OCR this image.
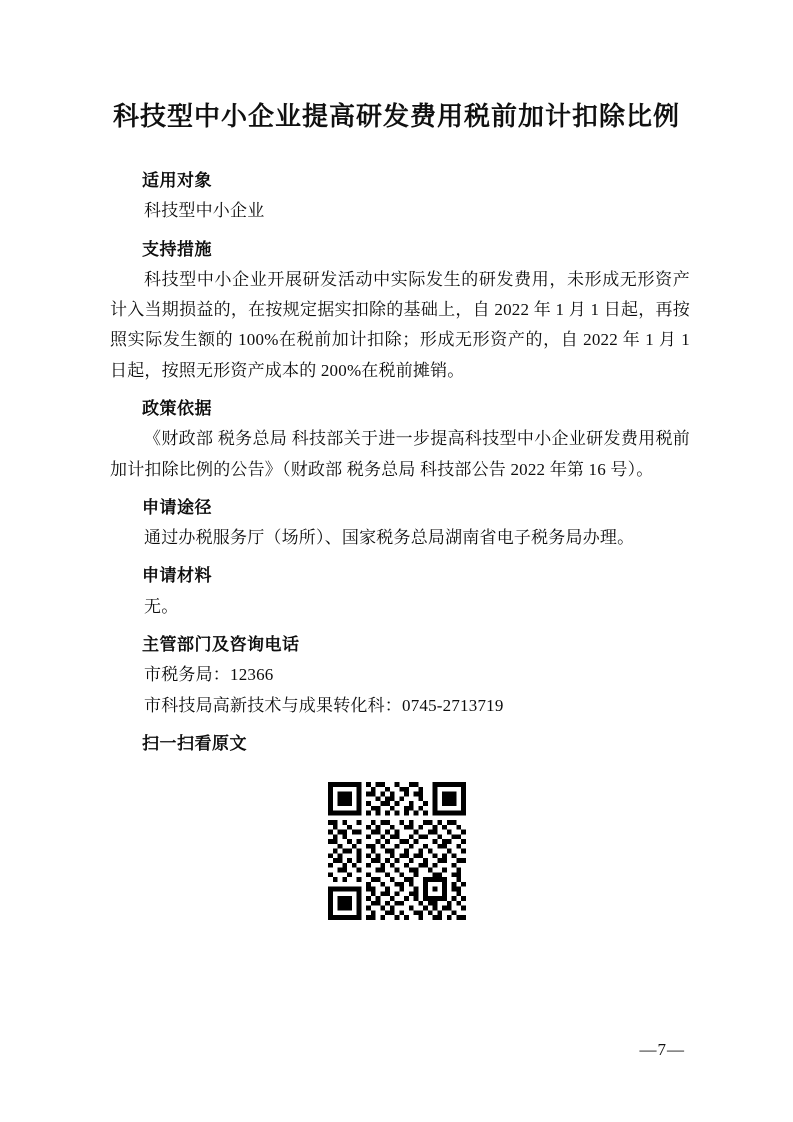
科技型中小企业提高研发费用税前加计扣除比例
适用对象
科技型中小企业
支持措施
科技型中小企业开展研发活动中实际发生的研发费用，未形成无形资产计入当期损益的，在按规定据实扣除的基础上，自 2022 年 1 月 1 日起，再按照实际发生额的 100%在税前加计扣除；形成无形资产的，自 2022 年 1 月 1 日起，按照无形资产成本的 200%在税前摊销。
政策依据
《财政部 税务总局 科技部关于进一步提高科技型中小企业研发费用税前加计扣除比例的公告》（财政部 税务总局 科技部公告 2022 年第 16 号）。
申请途径
通过办税服务厅（场所）、国家税务总局湖南省电子税务局办理。
申请材料
无。
主管部门及咨询电话
市税务局：12366
市科技局高新技术与成果转化科：0745-2713719
扫一扫看原文
—7—
